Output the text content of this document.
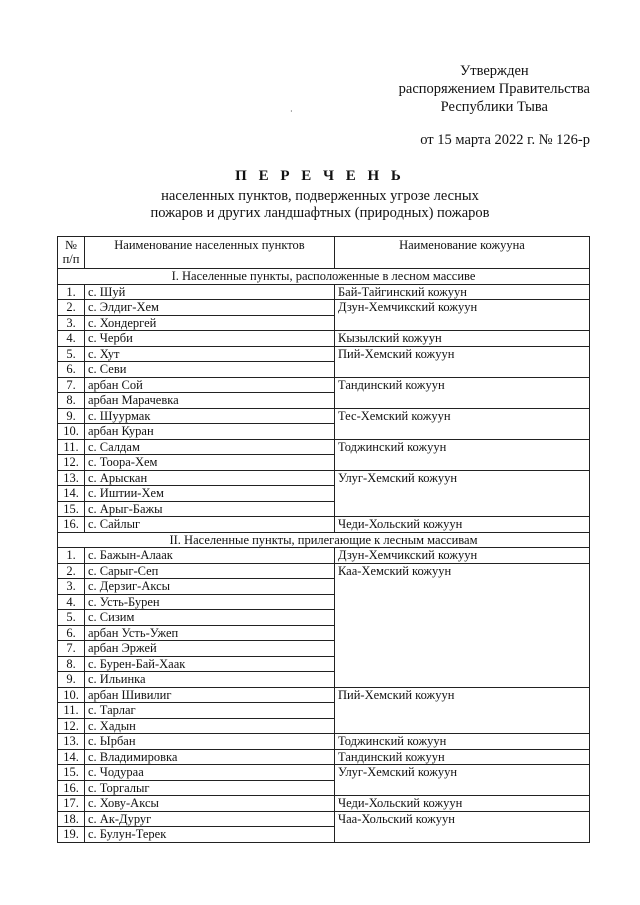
Утвержден
распоряжением Правительства
Республики Тыва
·
от 15 марта 2022 г. № 126-р
П Е Р Е Ч Е Н Ь
населенных пунктов, подверженных угрозе лесных
пожаров и других ландшафтных (природных) пожаров
№
п/п	Наименование населенных пунктов	Наименование кожууна
I. Населенные пункты, расположенные в лесном массиве		
1.	с. Шуй	Бай-Тайгинский кожуун
2.	с. Элдиг-Хем	Дзун-Хемчикский кожуун
3.	с. Хондергей	
4.	с. Черби	Кызылский кожуун
5.	с. Хут	Пий-Хемский кожуун
6.	с. Севи	
7.	арбан Сой	Тандинский кожуун
8.	арбан Марачевка	
9.	с. Шуурмак	Тес-Хемский кожуун
10.	арбан Куран	
11.	с. Салдам	Тоджинский кожуун
12.	с. Тоора-Хем	
13.	с. Арыскан	Улуг-Хемский кожуун
14.	с. Иштии-Хем	
15.	с. Арыг-Бажы	
16.	с. Сайлыг	Чеди-Хольский кожуун
II. Населенные пункты, прилегающие к лесным массивам		
1.	с. Бажын-Алаак	Дзун-Хемчикский кожуун
2.	с. Сарыг-Сеп	Каа-Хемский кожуун
3.	с. Дерзиг-Аксы	
4.	с. Усть-Бурен	
5.	с. Сизим	
6.	арбан Усть-Ужеп	
7.	арбан Эржей	
8.	с. Бурен-Бай-Хаак	
9.	с. Ильинка	
10.	арбан Шивилиг	Пий-Хемский кожуун
11.	с. Тарлаг	
12.	с. Хадын	
13.	с. Ырбан	Тоджинский кожуун
14.	с. Владимировка	Тандинский кожуун
15.	с. Чодураа	Улуг-Хемский кожуун
16.	с. Торгалыг	
17.	с. Хову-Аксы	Чеди-Хольский кожуун
18.	с. Ак-Дуруг	Чаа-Хольский кожуун
19.	с. Булун-Терек	
